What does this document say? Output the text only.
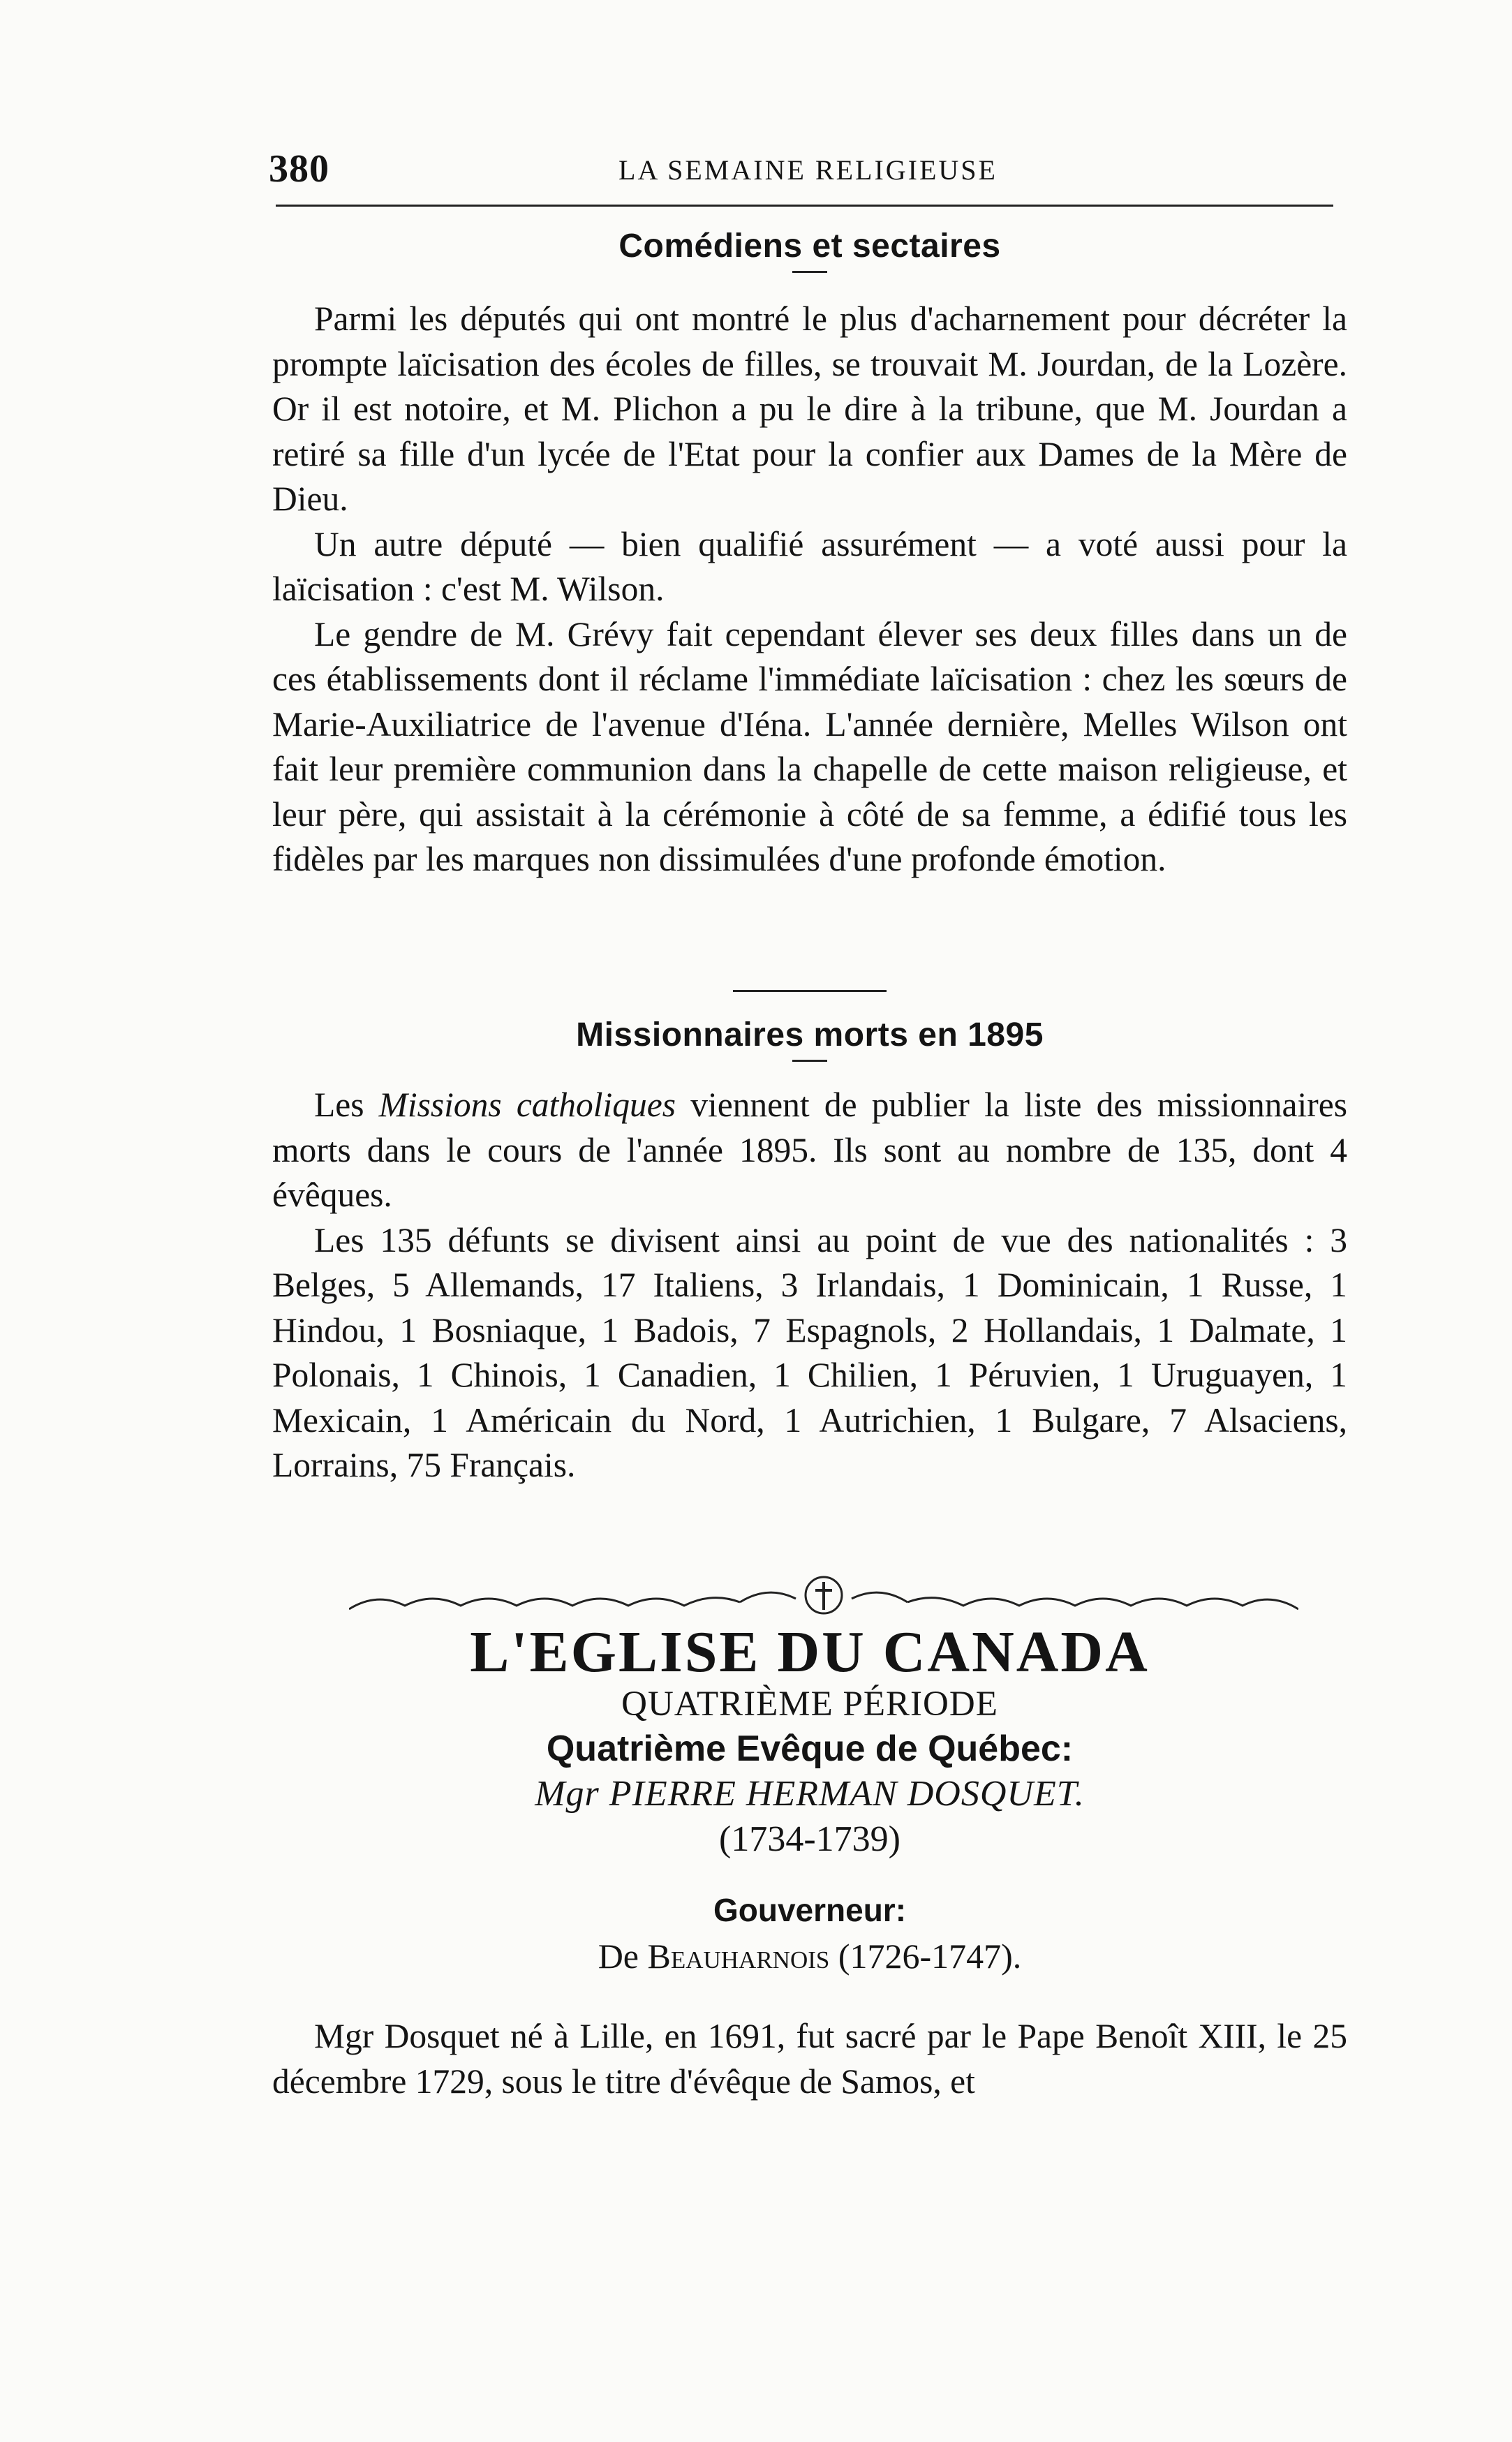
380	LA SEMAINE RELIGIEUSE
Comédiens et sectaires

Parmi les députés qui ont montré le plus d'acharnement pour décréter la prompte laïcisation des écoles de filles, se trouvait M. Jourdan, de la Lozère. Or il est notoire, et M. Plichon a pu le dire à la tribune, que M. Jourdan a retiré sa fille d'un lycée de l'Etat pour la confier aux Dames de la Mère de Dieu.

Un autre député — bien qualifié assurément — a voté aussi pour la laïcisation : c'est M. Wilson.

Le gendre de M. Grévy fait cependant élever ses deux filles dans un de ces établissements dont il réclame l'immédiate laïcisation : chez les sœurs de Marie-Auxiliatrice de l'avenue d'Iéna. L'année dernière, Melles Wilson ont fait leur première communion dans la chapelle de cette maison religieuse, et leur père, qui assistait à la cérémonie à côté de sa femme, a édifié tous les fidèles par les marques non dissimulées d'une profonde émotion.

Missionnaires morts en 1895

Les Missions catholiques viennent de publier la liste des missionnaires morts dans le cours de l'année 1895. Ils sont au nombre de 135, dont 4 évêques.

Les 135 défunts se divisent ainsi au point de vue des nationalités : 3 Belges, 5 Allemands, 17 Italiens, 3 Irlandais, 1 Dominicain, 1 Russe, 1 Hindou, 1 Bosniaque, 1 Badois, 7 Espagnols, 2 Hollandais, 1 Dalmate, 1 Polonais, 1 Chinois, 1 Canadien, 1 Chilien, 1 Péruvien, 1 Uruguayen, 1 Mexicain, 1 Américain du Nord, 1 Autrichien, 1 Bulgare, 7 Alsaciens, Lorrains, 75 Français.

L'EGLISE DU CANADA
QUATRIÈME PÉRIODE
Quatrième Evêque de Québec:
Mgr PIERRE HERMAN DOSQUET.
(1734-1739)
Gouverneur:
De Beauharnois (1726-1747).

Mgr Dosquet né à Lille, en 1691, fut sacré par le Pape Benoît XIII, le 25 décembre 1729, sous le titre d'évêque de Samos, et
